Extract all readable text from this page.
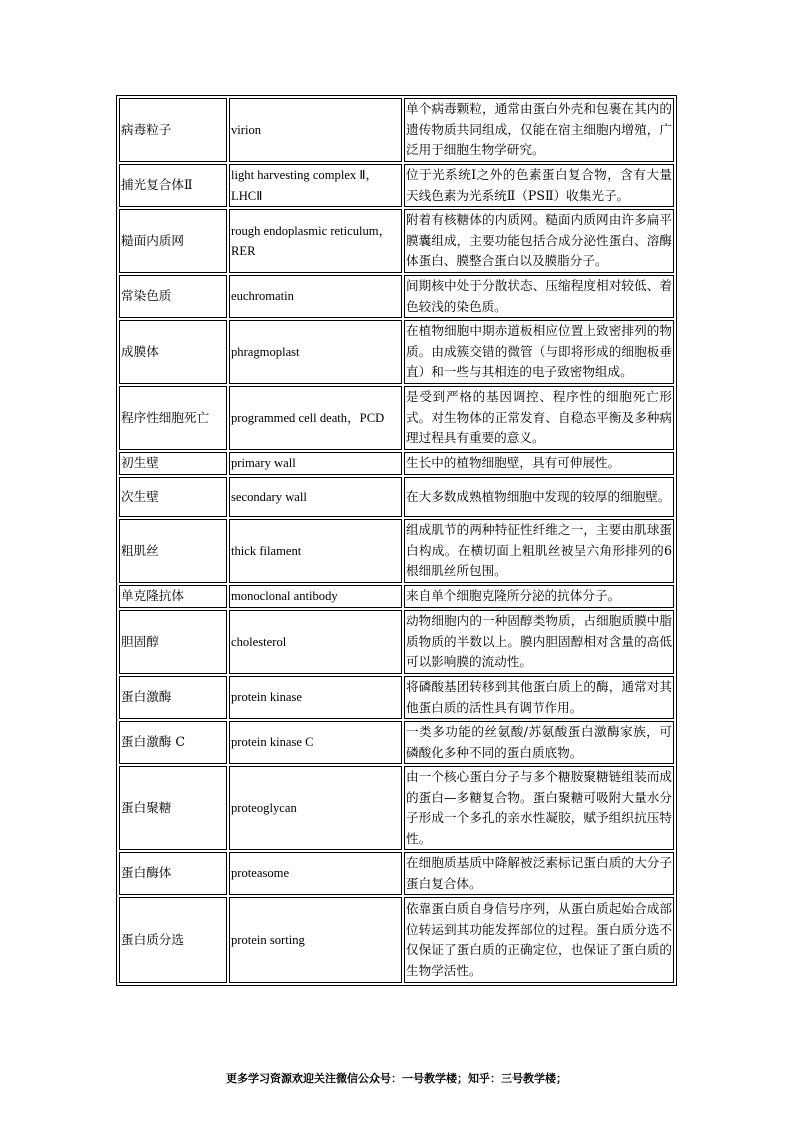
病毒粒子	virion	单个病毒颗粒，通常由蛋白外壳和包裹在其内的遗传物质共同组成，仅能在宿主细胞内增殖，广泛用于细胞生物学研究。
捕光复合体Ⅱ	light harvesting complex Ⅱ，LHCⅡ	位于光系统Ⅰ之外的色素蛋白复合物，含有大量天线色素为光系统Ⅱ（PSⅡ）收集光子。
糙面内质网	rough endoplasmic reticulum，RER	附着有核糖体的内质网。糙面内质网由许多扁平膜囊组成，主要功能包括合成分泌性蛋白、溶酶体蛋白、膜整合蛋白以及膜脂分子。
常染色质	euchromatin	间期核中处于分散状态、压缩程度相对较低、着色较浅的染色质。
成膜体	phragmoplast	在植物细胞中期赤道板相应位置上致密排列的物质。由成簇交错的微管（与即将形成的细胞板垂直）和一些与其相连的电子致密物组成。
程序性细胞死亡	programmed cell death，PCD	是受到严格的基因调控、程序性的细胞死亡形式。对生物体的正常发育、自稳态平衡及多种病理过程具有重要的意义。
初生壁	primary wall	生长中的植物细胞壁，具有可伸展性。
次生壁	secondary wall	在大多数成熟植物细胞中发现的较厚的细胞壁。
粗肌丝	thick filament	组成肌节的两种特征性纤维之一，主要由肌球蛋白构成。在横切面上粗肌丝被呈六角形排列的6根细肌丝所包围。
单克隆抗体	monoclonal antibody	来自单个细胞克隆所分泌的抗体分子。
胆固醇	cholesterol	动物细胞内的一种固醇类物质，占细胞质膜中脂质物质的半数以上。膜内胆固醇相对含量的高低可以影响膜的流动性。
蛋白激酶	protein kinase	将磷酸基团转移到其他蛋白质上的酶，通常对其他蛋白质的活性具有调节作用。
蛋白激酶 C	protein kinase C	一类多功能的丝氨酸/苏氨酸蛋白激酶家族，可磷酸化多种不同的蛋白质底物。
蛋白聚糖	proteoglycan	由一个核心蛋白分子与多个糖胺聚糖链组装而成的蛋白—多糖复合物。蛋白聚糖可吸附大量水分子形成一个多孔的亲水性凝胶，赋予组织抗压特性。
蛋白酶体	proteasome	在细胞质基质中降解被泛素标记蛋白质的大分子蛋白复合体。
蛋白质分选	protein sorting	依靠蛋白质自身信号序列，从蛋白质起始合成部位转运到其功能发挥部位的过程。蛋白质分选不仅保证了蛋白质的正确定位，也保证了蛋白质的生物学活性。
更多学习资源欢迎关注微信公众号：一号教学楼；知乎：三号教学楼；
